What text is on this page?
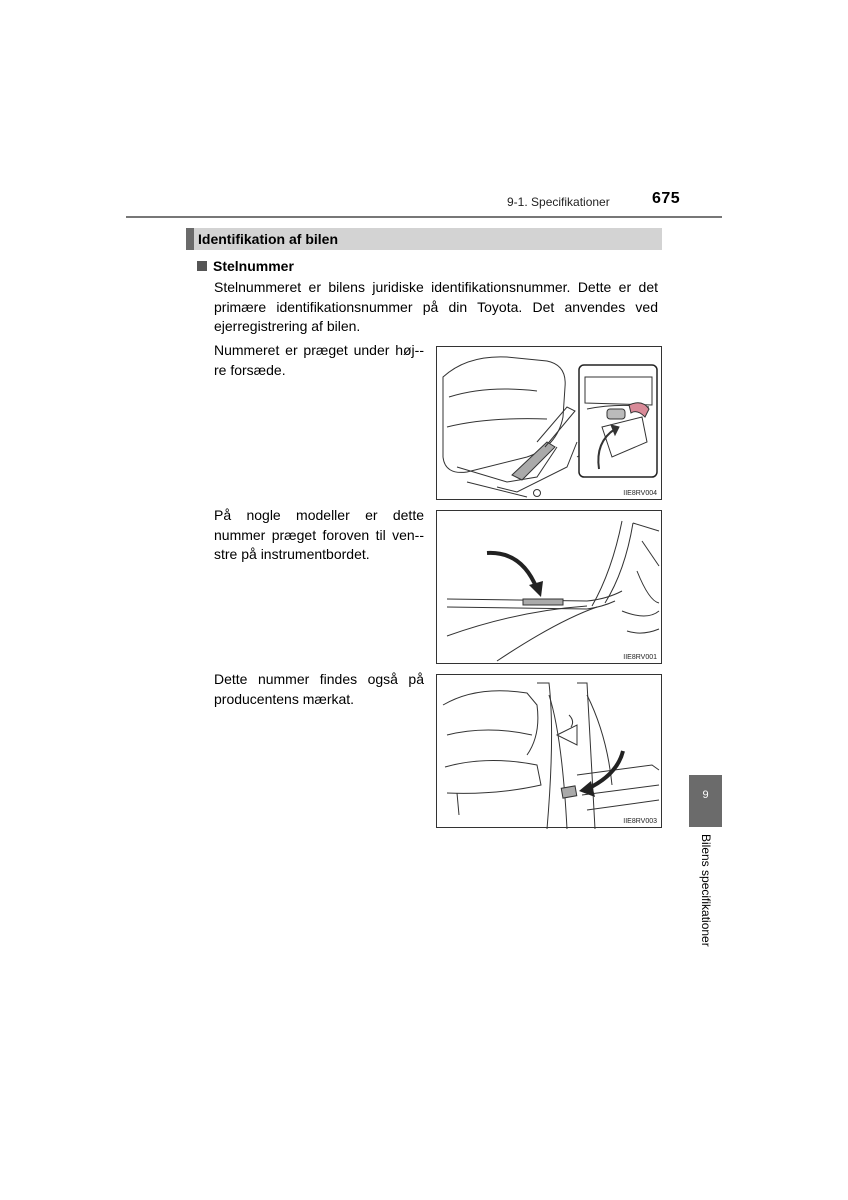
9-1. Specifikationer	675
Identifikation af bilen
Stelnummer
Stelnummeret er bilens juridiske identifikationsnummer. Dette er det primære identifikationsnummer på din Toyota. Det anvendes ved ejerregistrering af bilen.
Nummeret er præget under høj-re forsæde.
IIE8RV004
På nogle modeller er dette nummer præget foroven til ven-stre på instrumentbordet.
IIE8RV001
Dette nummer findes også på producentens mærkat.
IIE8RV003
9
Bilens specifikationer
